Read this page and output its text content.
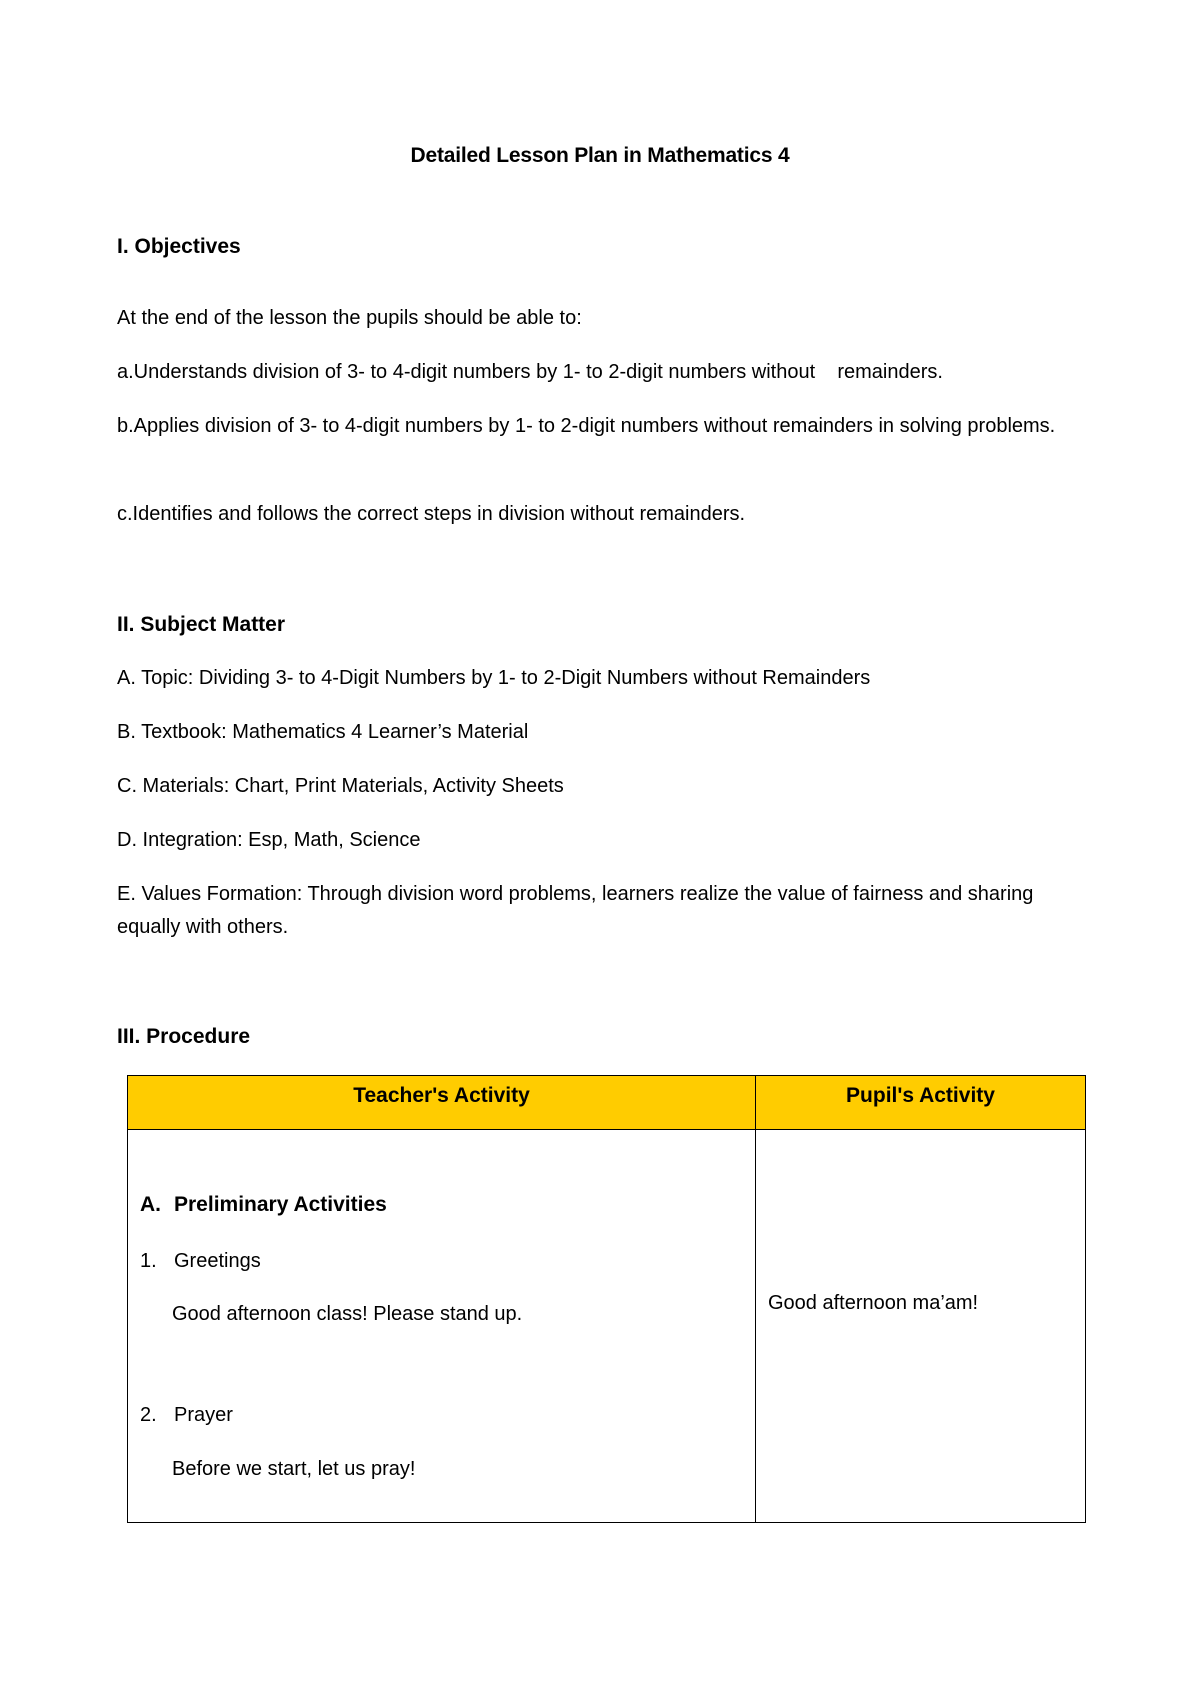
Detailed Lesson Plan in Mathematics 4
I. Objectives
At the end of the lesson the pupils should be able to:
a.Understands division of 3- to 4-digit numbers by 1- to 2-digit numbers without    remainders.
b.Applies division of 3- to 4-digit numbers by 1- to 2-digit numbers without remainders in solving problems.
c.Identifies and follows the correct steps in division without remainders.
II. Subject Matter
A. Topic: Dividing 3- to 4-Digit Numbers by 1- to 2-Digit Numbers without Remainders
B. Textbook: Mathematics 4 Learner’s Material
C. Materials: Chart, Print Materials, Activity Sheets
D. Integration: Esp, Math, Science
E. Values Formation: Through division word problems, learners realize the value of fairness and sharing equally with others.
III. Procedure
Teacher's Activity	Pupil's Activity

A. Preliminary Activities
1. Greetings
Good afternoon class! Please stand up.
2. Prayer
Before we start, let us pray!	Good afternoon ma’am!
